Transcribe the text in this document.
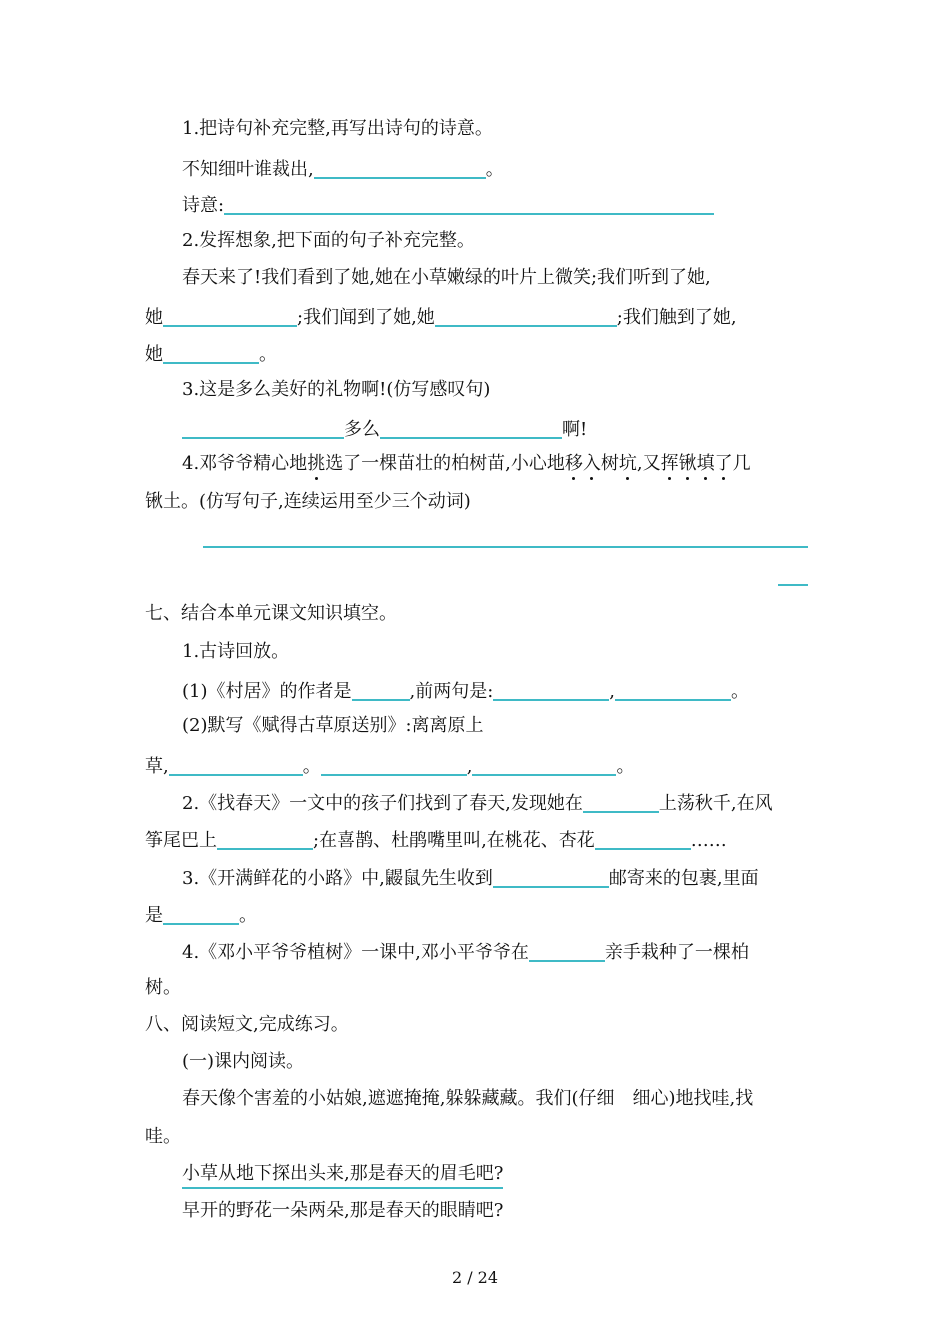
1.把诗句补充完整,再写出诗句的诗意。
不知细叶谁裁出,	。
诗意:
2.发挥想象,把下面的句子补充完整。
春天来了!我们看到了她,她在小草嫩绿的叶片上微笑;我们听到了她,
她	;我们闻到了她,她	;我们触到了她,
她	。
3.这是多么美好的礼物啊!(仿写感叹句)
多么	啊!
4.邓爷爷精心地挑选了一棵苗壮的柏树苗,小心地移入树坑,又挥锹填了几
锹土。(仿写句子,连续运用至少三个动词)
七、结合本单元课文知识填空。
1.古诗回放。
(1)《村居》的作者是	,前两句是:	,	。
(2)默写《赋得古草原送别》:离离原上
草,	。	,	。
2.《找春天》一文中的孩子们找到了春天,发现她在	上荡秋千,在风
筝尾巴上	;在喜鹊、杜鹃嘴里叫,在桃花、杏花	……
3.《开满鲜花的小路》中,鼹鼠先生收到	邮寄来的包裹,里面
是	。
4.《邓小平爷爷植树》一课中,邓小平爷爷在	亲手栽种了一棵柏
树。
八、阅读短文,完成练习。
(一)课内阅读。
春天像个害羞的小姑娘,遮遮掩掩,躲躲藏藏。我们(仔细　细心)地找哇,找
哇。
小草从地下探出头来,那是春天的眉毛吧?
早开的野花一朵两朵,那是春天的眼睛吧?
2 / 24
